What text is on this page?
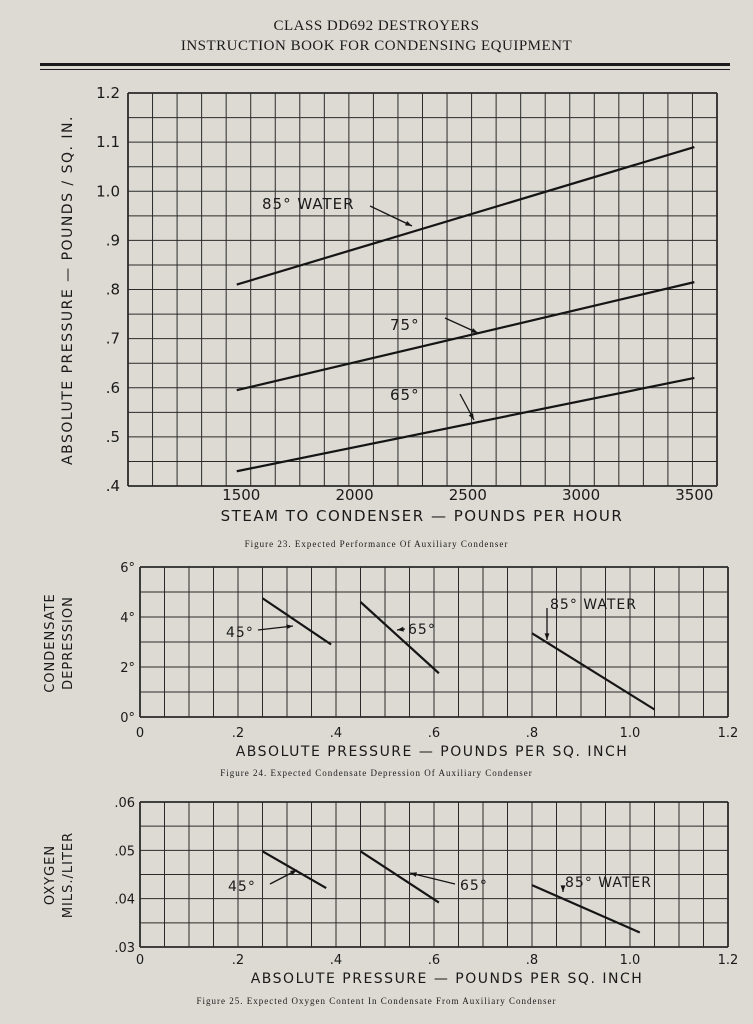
CLASS DD692 DESTROYERS
INSTRUCTION BOOK FOR CONDENSING EQUIPMENT
1500	2000	2500	3000	3500
.4
.5
.6
.7
.8
.9
1.0
1.1
1.2
STEAM TO CONDENSER — POUNDS PER HOUR
ABSOLUTE PRESSURE — POUNDS / SQ. IN.	85° WATER
75°
65°
0	.2	.4	.6	.8	1.0	1.2
0°
2°
4°
6°
ABSOLUTE PRESSURE — POUNDS PER SQ. INCH
CONDENSATE DEPRESSION	45°	65°
85° WATER
0	.2	.4	.6	.8	1.0	1.2
.03
.04
.05
.06
ABSOLUTE PRESSURE — POUNDS PER SQ. INCH
OXYGEN MILS./LITER	45°	65°	85° WATER
Figure 23. Expected Performance Of Auxiliary Condenser
Figure 24. Expected Condensate Depression Of Auxiliary Condenser
Figure 25. Expected Oxygen Content In Condensate From Auxiliary Condenser
